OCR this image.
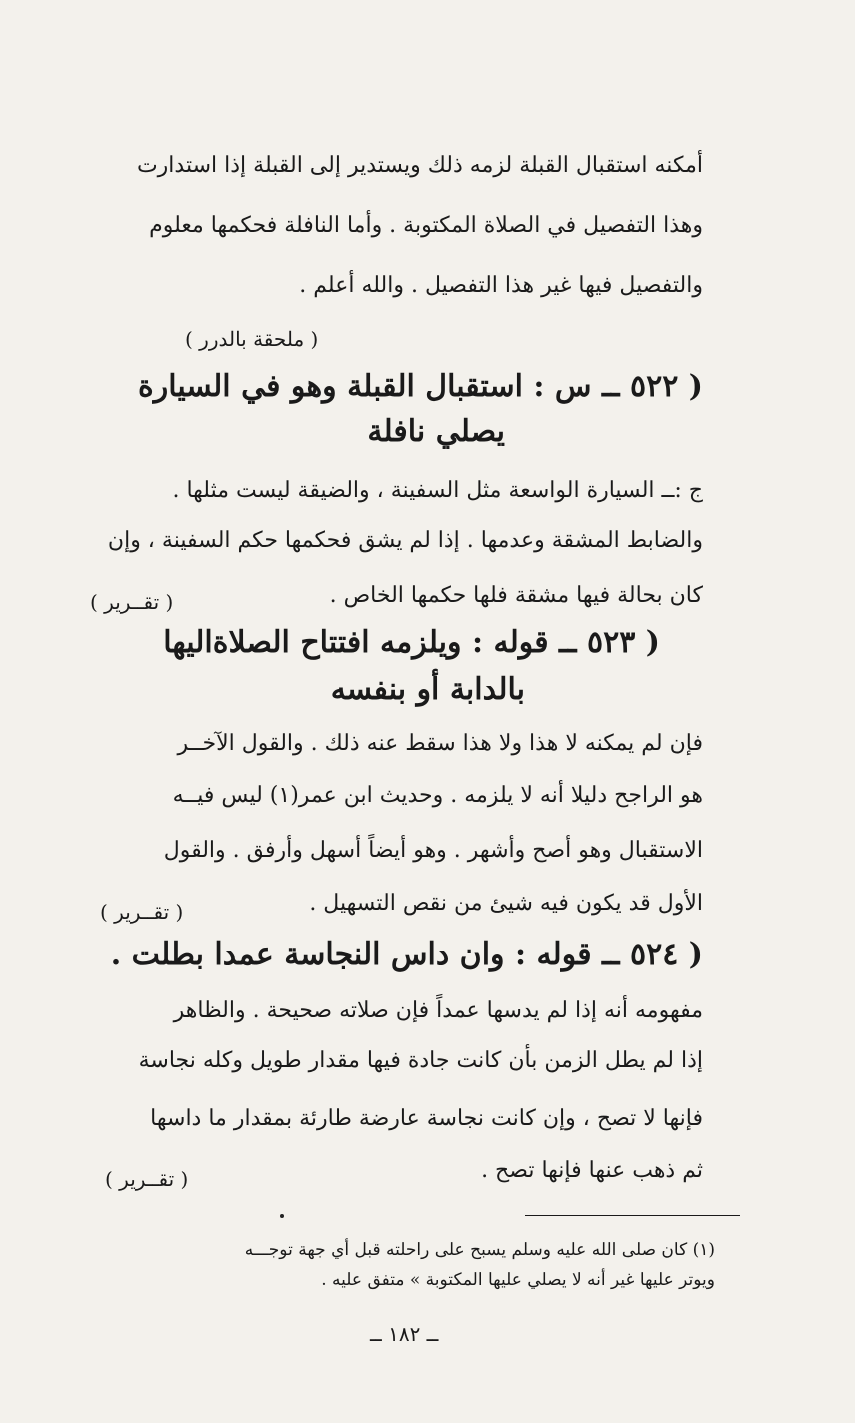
أمكنه استقبال القبلة لزمه ذلك ويستدير إلى القبلة إذا استدارت
وهذا التفصيل في الصلاة المكتوبة . وأما النافلة فحكمها معلوم
والتفصيل فيها غير هذا التفصيل . والله أعلم .
( ملحقة بالدرر )
( ٥٢٢ ــ س : استقبال القبلة وهو في السيارة
يصلي نافلة
ج :ــ السيارة الواسعة مثل السفينة ، والضيقة ليست مثلها .
والضابط المشقة وعدمها . إذا لم يشق فحكمها حكم السفينة ، وإن
كان بحالة فيها مشقة فلها حكمها الخاص .
( تقــرير )
( ٥٢٣ ــ قوله : ويلزمه افتتاح الصلاةاليها
بالدابة أو بنفسه
فإن لم يمكنه لا هذا ولا هذا سقط عنه ذلك . والقول الآخــر
هو الراجح دليلا أنه لا يلزمه . وحديث ابن عمر(١) ليس فيــه
الاستقبال وهو أصح وأشهر . وهو أيضاً أسهل وأرفق . والقول
الأول قد يكون فيه شيئ من نقص التسهيل .
( تقــرير )
( ٥٢٤ ــ قوله : وان داس النجاسة عمدا بطلت .
مفهومه أنه إذا لم يدسها عمداً فإن صلاته صحيحة . والظاهر
إذا لم يطل الزمن بأن كانت جادة فيها مقدار طويل وكله نجاسة
فإنها لا تصح ، وإن كانت نجاسة عارضة طارئة بمقدار ما داسها
ثم ذهب عنها فإنها تصح .
( تقــرير )
(١) كان صلى الله عليه وسلم يسبح على راحلته قبل أي جهة توجـــه
ويوتر عليها غير أنه لا يصلي عليها المكتوبة » متفق عليه .
ــ ١٨٢ ــ
